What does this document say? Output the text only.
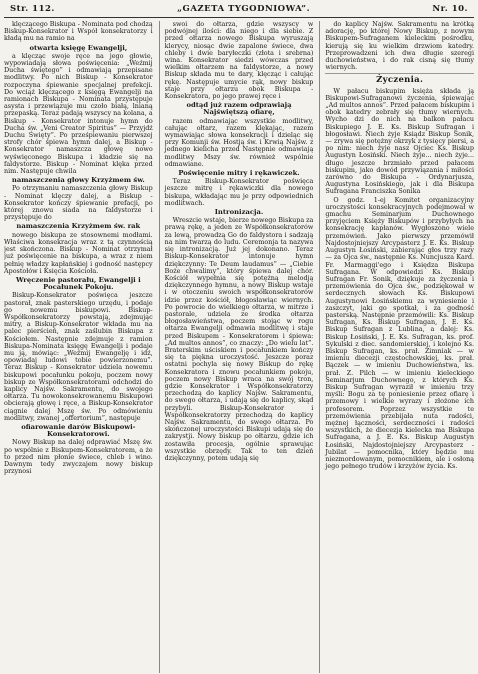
Str. 112.	„GAZETA TYGODNIOWA”.	Nr. 10.

klęczącego Biskupa - Nominata pod chodzą Biskup-Konsekrator i Współ konsekratorzy i kładą mu na ramio na

otwarta księgę Ewangelji,

a klęcząc swoje ręce na jego głowie, wypowiadają słowa poświęcenia: „Weźmij Ducha świętego” i odmawiają przepisane modlitwy. Po nich Biskup - Konsekrator rozpoczyna śpiewanie specjalnej prefekcji. Do wciąż klęczącego z księgą Ewangelji na ramionach Biskupa - Nominata przystępuje asysta i przewiązuje mu czoło białą, lnianą przepaską. Teraz padają wszyscy na kolana, a Biskup - Konsekrator intonuje hymn do Ducha św. „Veni Creator Spiritus” — Przyjdź Duchu Święty”. Po prześpiewaniu pierwszej strofy chór śpiewa hymn dalej, a Biskup - Konsekrator namaszcza głowę nowo wyświęconego Biskupa i kładzie się na faldystorze. Biskup - Nominat klęka przed nim. Następuje chwila

namaszczenia głowy Krzyżmem św.

Po otrzymaniu namaszczenia głowy Biskup - Nominat klęczy dalej, a Biskup - Konsekrator kończy śpiewanie prefacji, po której znowu siada na faldystorze i przystępuje do

namaszczenia Krzyżmem św. rak

nowego biskupa ze stosownemi modłami. Właściwa konsekracja wraz z tą czynnością jest skończona. Biskup - Nominat otrzymał już poświęcenie na biskupa, a wraz z niem pełnię władzy kapłańskiej i godność następcy Apostołów i Księcia Kościoła.

Wręczenie pastorału, Ewangelji i Pocałunek Pokoju.

Biskup-Konsekrator poświęca jeszcze pastorał, znak pasterskiego urzędu, i podaje go nowemu biskupowi. Biskup-Współkonsekratorzy powstają, zdejmując mitry, a Biskup-Konsekrator wkłada mu na palec pierścień, znak zaślubin Biskupa z Kościołem. Następnie zdejmuje z ramion Biskupa-Nominata księgę Ewangelji i podaje mu ją, mówiąc: „Weźmij Ewangelję i idź, opowiadaj ludowi tobie powierzonemu”. Teraz Biskup - Konsekrator udziela nowemu biskupowi pocałunku pokoju, poczem nowy biskup ze Współkonsekratorami odchodzi do kaplicy Najśw. Sakramentu, do swojego ołtarza. Tu nowokonsekrowanemu Biskupowi obcierają głowę i ręce, a Biskup-Konsekrator ciągnie dalej Mszę św. Po odmówieniu modlitwy, zwanej „offertorium”, następuje

ofiarowanie darów Biskupowi-Konsekratorowi.

Nowy Biskup na dalej odprawiać Mszę św. po wspólnie z Biskupem-Konsekratorem, a że to przed nim płonie świece, chleb i wino. Dawnym tedy zwyczajem nowy biskup przynosi

swoi do ołtarza, gdzie wszyscy w podwójnej ilości: dla niego i dla siebie. Z przed ołtarza nowego Biskupa wyruszają klerycy, niosąc dwie zapalone świece, dwa chleby i dwie baryłeczki (złota i srebrna) wina. Konsekrator siedzi wówczas przed wielkim ołtarzem na faldystorze, a nowy Biskup składa mu te dary, klęcząc i całując rękę. Następuje umycie rąk, nowy biskup staje przy ołtarzu obok Biskupa - Konsekratora, po jego prawej ręce i

odtąd już razem odprawiają Najświętszą ofiarę,

razem odmawiając wszystkie modlitwy, całując ołtarz, razem klękając, razem wymawiając słowa konsekracji i dzieląc się przy Komunji św. Hostją św. i Krwią Najśw. z jednego kielicha przed Następnie odmawiają modlitwy Mszy św. również wspólnie odmawiane.

Poświęcenie mitry i rękawiczek.

Teraz Biskup-Konsekrator poświęca jeszcze mitrę i rękawiczki dla nowego biskupa, wkładając mu je przy odpowiednich modlitwach.

Intronizacja.

Wreszcie wstaje, bierze nowego Biskupa za prawą rękę, a jeden ze Współkonsekratorów za lewą, prowadzą Go do faldystora i sadzają na nim twarzą do ludu. Ceremonja ta nazywa się intronizacją. Już jej dokonano. Teraz Biskup-Konsekrator intonuje hymn dziękczynny: Te Deum laudamus” — „Ciebie Boże chwalimy”, który śpiewa dalej chór. Kościół wypełnia się potężną melodją dziękczynnego hymnu, a nowy Biskup wstaje i w otoczeniu swoich współkonsekratorów idzie przez kościół, błogosławiąc wiernych. Po powrocie do wielkiego ołtarza, w mitrze i pastorale, udziela ze środka ołtarza błogosławieństwa, poczem stojąc w rogu ołtarza Ewangelji odmawia modlitwę i staje przed Biskupem - Konsekratorem i śpiewa: „Ad multos annos”, co znaczy: „Do wielu lat”. Braterskim uściskiem i pocałunkiem kończy się ta piękna uroczystość. Jeszcze poraz ostatni pochyla się nowy Biskup do rękę Konsekratora i znowu pocałunkiem pokoju, poczem nowy Biskup wraca na swój tron, gdzie Konsekrator i Współkonsekratorzy przechodzą do kaplicy Najśw. Sakramentu, do swego ołtarza, i udają się do kaplicy, skąd przybyli. Biskup-Konsekrator i Współkonsekratorzy przechodzą do kaplicy Najśw. Sakramentu, do swego ołtarza. Po skończonej uroczystości Biskupi udają się do zakrystji. Nowy biskup po ołtarzu, gdzie ich zostawiła procesja, ogólnie sprawując wszystkie obrzędy. Tak to ten dzień dziękczynny, potem udają się

do kaplicy Najśw. Sakramentu na krótką adorację, po której Nowy Biskup, z nowym Biskupem-Sufraganem kieleckim pośrodku, kierują się ku wielkim drzwiom katedry. Przeprowadzeni ich dwa długie szeregi duchowieństwa, i do rak cisną się tłumy wiernych.

Życzenia.

W pałacu biskupim księża składa ją Biskupowi-Sufraganowi życzenia, śpiewając „Ad multos annos”. Przed pałacem biskupim i obok katedry zebrały się tłumy wiernych. Wycho dzi do nich na balkon pałacu Biskupiego J. E. Ks. Biskup Sufragan i błogosławi. Niech żyje Ksiądz Biskup Sonik,— zrywa się potężny okrzyk z tysięcy piersi, a po nim: niech żyje nasz Ojciec Ks. Biskup Augustyn Łosiński. Niech żyje... niech żyje... długo jeszcze brzmiało przed pałacem biskupim, jako dowód przywiązania i miłości zarówno do Biskupa - Ordynarjusza, Augustyna Łosińskiego, jak i dla Biskupa Sufragana Franciszka Sonika

O godz. 1-ej Komitet organizacyjny uroczystości konsekracyjnych podejmował w gmachu Seminarjum Duchownego przyjęciem Księży Biskupów i przybyłych na konsekrację kapłanów. Wygłoszono wiele przemówień. Jako pierwszy przemówił Najdostojniejszy Arcypasterz J. E. Ks. Biskup Augustyn Łosiński, zabierając głos trzy razy — za Ojca św., następnie Ks. Nuncjusza Kard. Fr. Marmaggi'ego i Księdza Biskupa Sufragana. W odpowiedzi Ks. Biskup Sufragan Fr. Sonik, dziękuje za życzenia i przemówienia do Ojca św., podziękował w serdecznych słowach Ks. Biskupowi Augustynowi Łosińskiemu za wyniesienie i zaszczyt, jaki go spotkał, i za godność pasterską. Następnie przemówili: Ks. Biskup Sufragan, Ks. Biskup Sufragan, J. E. Ks. Biskup Sufragan z Lublina, a dalej: Ks. Biskup Łosiński, J. E. Ks. Sufragan, ks. prof. Sykulski z diec. sandomierskiej, i kolejno Ks. Biskup Sufragan, ks. prał. Zimniak — w imieniu diecezji częstochowskiej, ks. prał. Bączek — w imieniu Duchowieństwa, ks. prał. Z. Pilch — w imieniu kieleckiego Seminarjum Duchownego, z których Ks. Biskup Sufragan wyraził w imieniu trzy myśli: Bogu za tę poniesienie przez ofiarę i przemowy i wielkie wyrazy i złożone ich profesorem. Poprzez wszystkie te przemówienia przebijała nuta radości, mężnej łączności, serdeczności i radości wszystkich, że diecezja kielecka ma Biskupa Sufragana, a J. E. Ks. Biskup Augustyn Łosiński, Najdostojniejszy Arcypasterz - Jubilat — pomocnika, który będzie mu niezmordowanym, pomocnikiem, ale i osłoną jego pełnego trudów i krzyżów życia. Ks.
